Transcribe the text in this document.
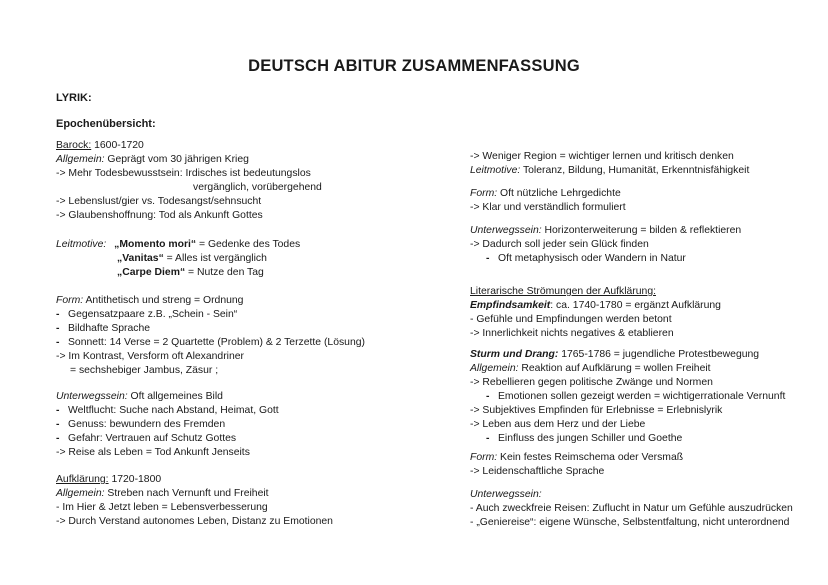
DEUTSCH ABITUR ZUSAMMENFASSUNG
LYRIK:
Epochenübersicht:
Barock: 1600-1720
Allgemein: Geprägt vom 30 jährigen Krieg
-> Mehr Todesbewusstsein: Irdisches ist bedeutungslos
vergänglich, vorübergehend
-> Lebenslust/gier vs. Todesangst/sehnsucht
-> Glaubenshoffnung: Tod als Ankunft Gottes
Leitmotive: „Momento mori“ = Gedenke des Todes
„Vanitas“ = Alles ist vergänglich
„Carpe Diem“ = Nutze den Tag
Form: Antithetisch und streng = Ordnung
- Gegensatzpaare z.B. „Schein - Sein“
- Bildhafte Sprache
- Sonnett: 14 Verse = 2 Quartette (Problem) & 2 Terzette (Lösung)
-> Im Kontrast, Versform oft Alexandriner
= sechshebiger Jambus, Zäsur ;
Unterwegssein: Oft allgemeines Bild
- Weltflucht: Suche nach Abstand, Heimat, Gott
- Genuss: bewundern des Fremden
- Gefahr: Vertrauen auf Schutz Gottes
-> Reise als Leben = Tod Ankunft Jenseits
Aufklärung: 1720-1800
Allgemein: Streben nach Vernunft und Freiheit
- Im Hier & Jetzt leben = Lebensverbesserung
-> Durch Verstand autonomes Leben, Distanz zu Emotionen
-> Weniger Region = wichtiger lernen und kritisch denken
Leitmotive: Toleranz, Bildung, Humanität, Erkenntnisfähigkeit
Form: Oft nützliche Lehrgedichte
-> Klar und verständlich formuliert
Unterwegssein: Horizonterweiterung = bilden & reflektieren
-> Dadurch soll jeder sein Glück finden
- Oft metaphysisch oder Wandern in Natur
Literarische Strömungen der Aufklärung:
Empfindsamkeit: ca. 1740-1780 = ergänzt Aufklärung
- Gefühle und Empfindungen werden betont
-> Innerlichkeit nichts negatives & etablieren
Sturm und Drang: 1765-1786 = jugendliche Protestbewegung
Allgemein: Reaktion auf Aufklärung = wollen Freiheit
-> Rebellieren gegen politische Zwänge und Normen
- Emotionen sollen gezeigt werden = wichtigerrationale Vernunft
-> Subjektives Empfinden für Erlebnisse = Erlebnislyrik
-> Leben aus dem Herz und der Liebe
- Einfluss des jungen Schiller und Goethe
Form: Kein festes Reimschema oder Versmaß
-> Leidenschaftliche Sprache
Unterwegssein:
- Auch zweckfreie Reisen: Zuflucht in Natur um Gefühle auszudrücken
- „Geniereise“: eigene Wünsche, Selbstentfaltung, nicht unterordnend
